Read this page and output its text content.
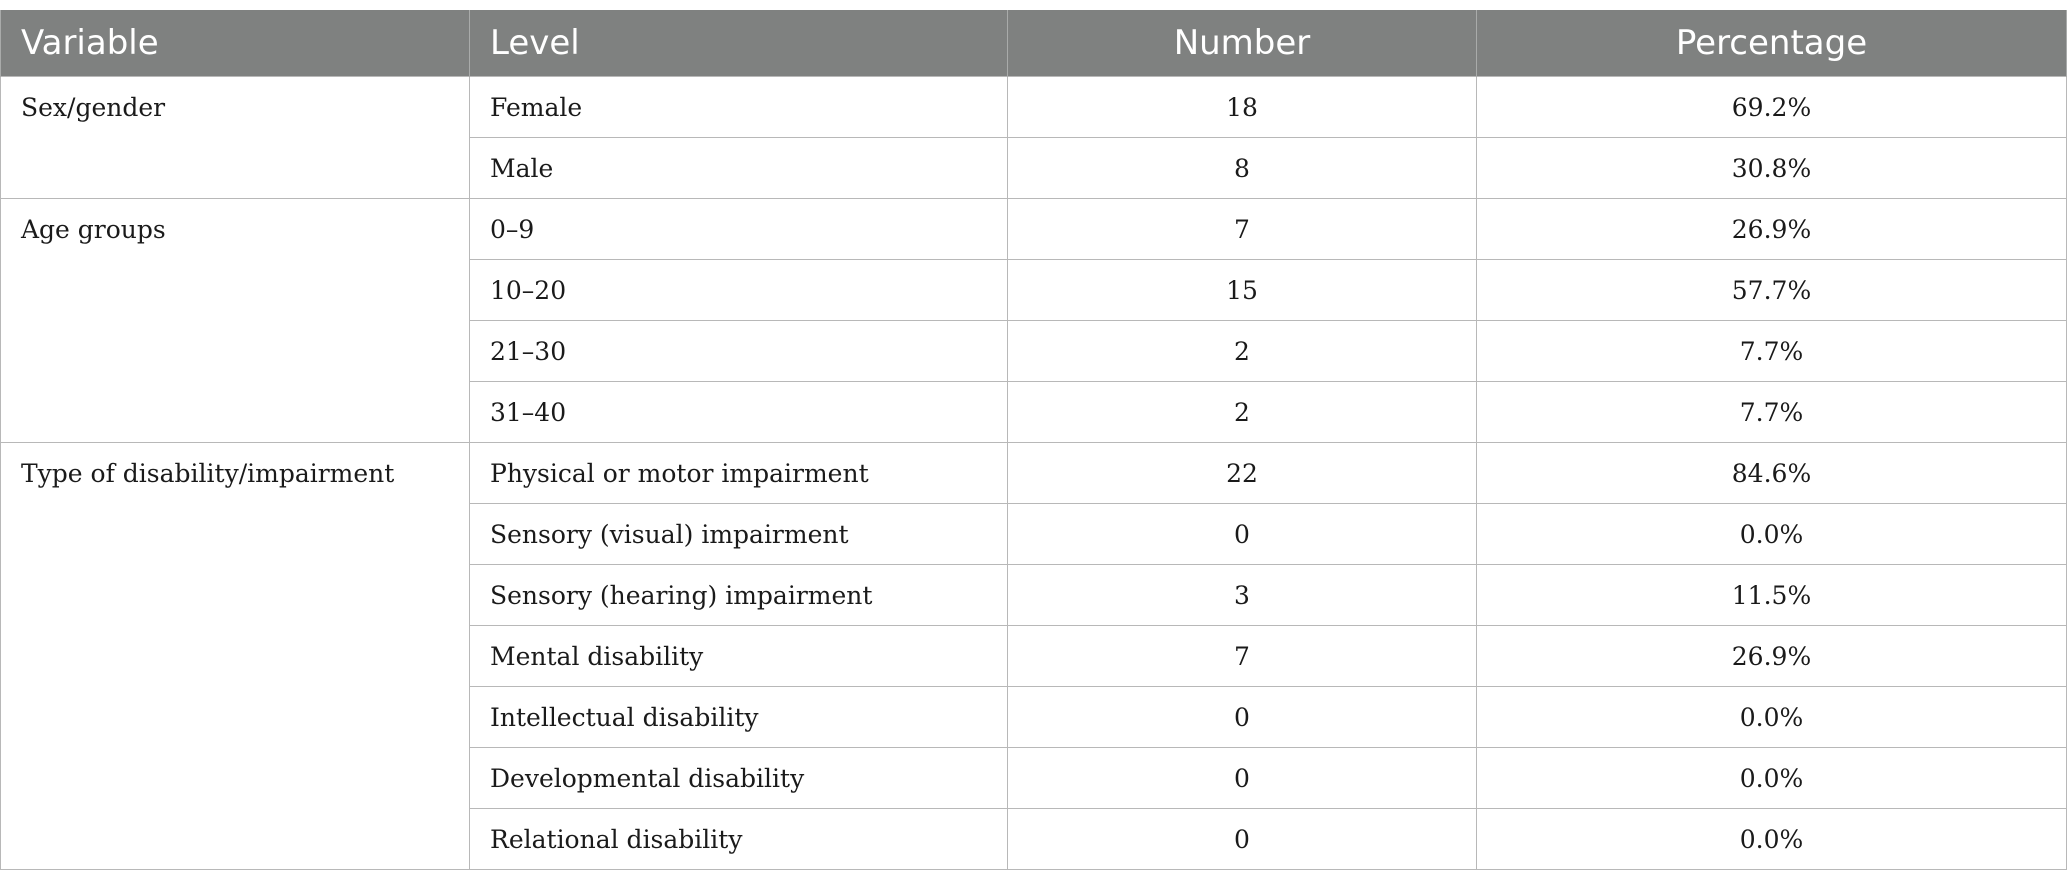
Variable	Level	Number	Percentage
Sex/gender	Female	18	69.2%
	Male	8	30.8%
Age groups	0–9	7	26.9%
	10–20	15	57.7%
	21–30	2	7.7%
	31–40	2	7.7%
Type of disability/impairment	Physical or motor impairment	22	84.6%
	Sensory (visual) impairment	0	0.0%
	Sensory (hearing) impairment	3	11.5%
	Mental disability	7	26.9%
	Intellectual disability	0	0.0%
	Developmental disability	0	0.0%
	Relational disability	0	0.0%
